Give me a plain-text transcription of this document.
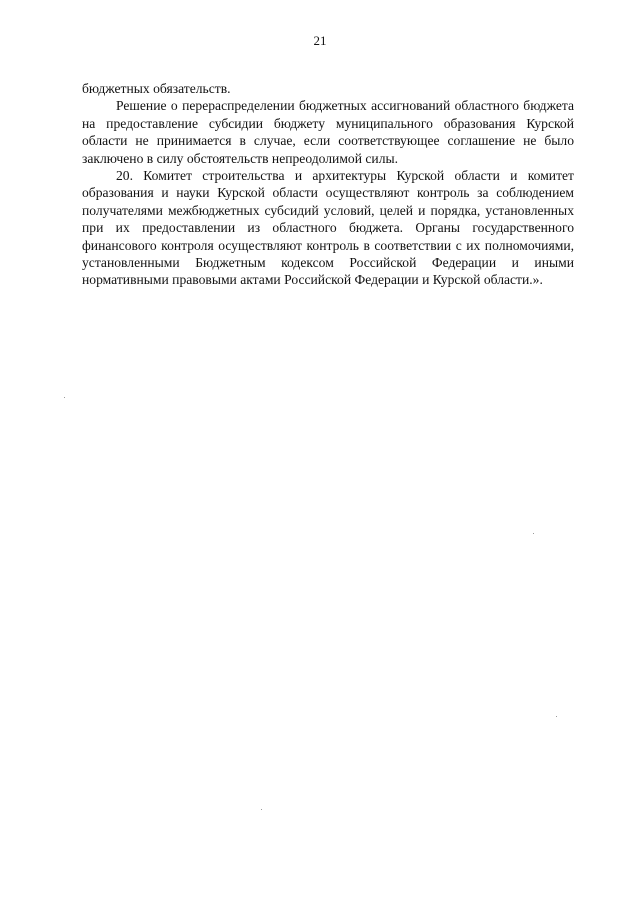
21

бюджетных обязательств.

Решение о перераспределении бюджетных ассигнований областного бюджета на предоставление субсидии бюджету муниципального образования Курской области не принимается в случае, если соответствующее соглашение не было заключено в силу обстоятельств непреодолимой силы.

20. Комитет строительства и архитектуры Курской области и комитет образования и науки Курской области осуществляют контроль за соблюдением получателями межбюджетных субсидий условий, целей и порядка, установленных при их предоставлении из областного бюджета. Органы государственного финансового контроля осуществляют контроль в соответствии с их полномочиями, установленными Бюджетным кодексом Российской Федерации и иными нормативными правовыми актами Российской Федерации и Курской области.».
